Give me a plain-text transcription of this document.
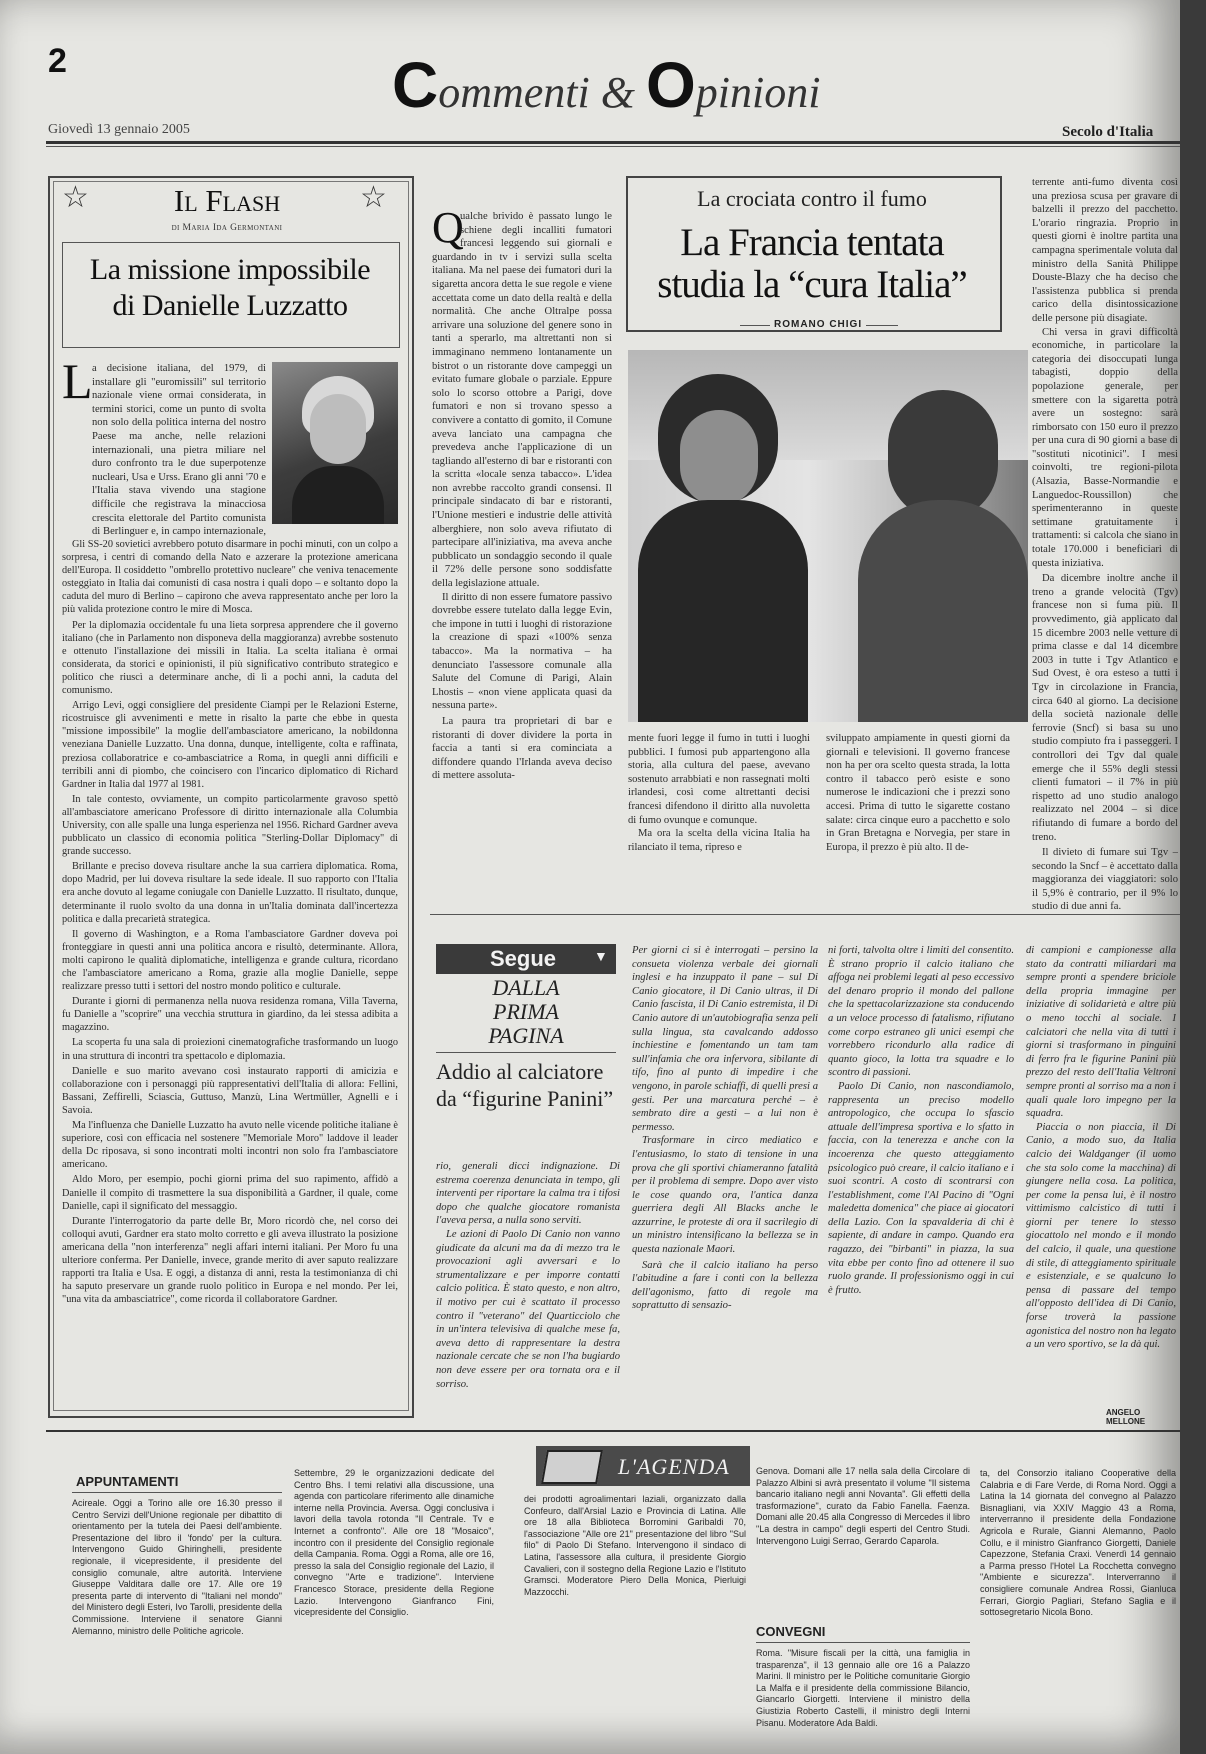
2	Commenti & Opinioni
Giovedì 13 gennaio 2005	Secolo d'Italia
☆	☆
Il Flash
di Maria Ida Germontani
La missione impossibile
di Danielle Luzzatto
L a decisione italiana, del 1979, di installare gli "euromissili" sul territorio nazionale viene ormai considerata, in termini storici, come un punto di svolta non solo della politica interna del nostro Paese ma anche, nelle relazioni internazionali, una pietra miliare nel duro confronto tra le due superpotenze nucleari, Usa e Urss. Erano gli anni '70 e l'Italia stava vivendo una stagione difficile che registrava la minacciosa crescita elettorale del Partito comunista di Berlinguer e, in campo internazionale,

Gli SS-20 sovietici avrebbero potuto disarmare in pochi minuti, con un colpo a sorpresa, i centri di comando della Nato e azzerare la protezione americana dell'Europa. Il cosiddetto "ombrello protettivo nucleare" che veniva tenacemente osteggiato in Italia dai comunisti di casa nostra i quali dopo – e soltanto dopo la caduta del muro di Berlino – capirono che aveva rappresentato anche per loro la più valida protezione contro le mire di Mosca.

Per la diplomazia occidentale fu una lieta sorpresa apprendere che il governo italiano (che in Parlamento non disponeva della maggioranza) avrebbe sostenuto e ottenuto l'installazione dei missili in Italia. La scelta italiana è ormai considerata, da storici e opinionisti, il più significativo contributo strategico e politico che riuscì a determinare anche, di lì a pochi anni, la caduta del comunismo.

Arrigo Levi, oggi consigliere del presidente Ciampi per le Relazioni Esterne, ricostruisce gli avvenimenti e mette in risalto la parte che ebbe in questa "missione impossibile" la moglie dell'ambasciatore americano, la nobildonna veneziana Danielle Luzzatto. Una donna, dunque, intelligente, colta e raffinata, preziosa collaboratrice e co-ambasciatrice a Roma, in quegli anni difficili e terribili anni di piombo, che coincisero con l'incarico diplomatico di Richard Gardner in Italia dal 1977 al 1981.

In tale contesto, ovviamente, un compito particolarmente gravoso spettò all'ambasciatore americano Professore di diritto internazionale alla Columbia University, con alle spalle una lunga esperienza nel 1956. Richard Gardner aveva pubblicato un classico di economia politica "Sterling-Dollar Diplomacy" di grande successo.

Brillante e preciso doveva risultare anche la sua carriera diplomatica. Roma, dopo Madrid, per lui doveva risultare la sede ideale. Il suo rapporto con l'Italia era anche dovuto al legame coniugale con Danielle Luzzatto. Il risultato, dunque, determinante il ruolo svolto da una donna in un'Italia dominata dall'incertezza politica e dalla precarietà strategica.

Il governo di Washington, e a Roma l'ambasciatore Gardner doveva poi fronteggiare in questi anni una politica ancora e risultò, determinante. Allora, molti capirono le qualità diplomatiche, intelligenza e grande cultura, ricordano che l'ambasciatore americano a Roma, grazie alla moglie Danielle, seppe realizzare presso tutti i settori del nostro mondo politico e culturale.

Durante i giorni di permanenza nella nuova residenza romana, Villa Taverna, fu Danielle a "scoprire" una vecchia struttura in giardino, da lei stessa adibita a magazzino.

La scoperta fu una sala di proiezioni cinematografiche trasformando un luogo in una struttura di incontri tra spettacolo e diplomazia.

Danielle e suo marito avevano così instaurato rapporti di amicizia e collaborazione con i personaggi più rappresentativi dell'Italia di allora: Fellini, Bassani, Zeffirelli, Sciascia, Guttuso, Manzù, Lina Wertmüller, Agnelli e i Savoia.

Ma l'influenza che Danielle Luzzatto ha avuto nelle vicende politiche italiane è superiore, così con efficacia nel sostenere "Memoriale Moro" laddove il leader della Dc riposava, si sono incontrati molti incontri non solo fra l'ambasciatore americano.

Aldo Moro, per esempio, pochi giorni prima del suo rapimento, affidò a Danielle il compito di trasmettere la sua disponibilità a Gardner, il quale, come Danielle, capì il significato del messaggio.

Durante l'interrogatorio da parte delle Br, Moro ricordò che, nel corso dei colloqui avuti, Gardner era stato molto corretto e gli aveva illustrato la posizione americana della "non interferenza" negli affari interni italiani. Per Moro fu una ulteriore conferma. Per Danielle, invece, grande merito di aver saputo realizzare rapporti tra Italia e Usa. E oggi, a distanza di anni, resta la testimonianza di chi ha saputo preservare un grande ruolo politico in Europa e nel mondo. Per lei, "una vita da ambasciatrice", come ricorda il collaboratore Gardner.

La crociata contro il fumo
La Francia tentata
studia la “cura Italia”
ROMANO CHIGI
Q
ualche brivido è passato lungo le schiene degli incalliti fumatori francesi leggendo sui giornali e guardando in tv i servizi sulla scelta italiana. Ma nel paese dei fumatori duri la sigaretta ancora detta le sue regole e viene accettata come un dato della realtà e della normalità. Che anche Oltralpe possa arrivare una soluzione del genere sono in tanti a sperarlo, ma altrettanti non si immaginano nemmeno lontanamente un bistrot o un ristorante dove campeggi un evitato fumare globale o parziale. Eppure solo lo scorso ottobre a Parigi, dove fumatori e non si trovano spesso a convivere a contatto di gomito, il Comune aveva lanciato una campagna che prevedeva anche l'applicazione di un tagliando all'esterno di bar e ristoranti con la scritta «locale senza tabacco». L'idea non avrebbe raccolto grandi consensi. Il principale sindacato di bar e ristoranti, l'Unione mestieri e industrie delle attività alberghiere, non solo aveva rifiutato di partecipare all'iniziativa, ma aveva anche pubblicato un sondaggio secondo il quale il 72% delle persone sono soddisfatte della legislazione attuale.

Il diritto di non essere fumatore passivo dovrebbe essere tutelato dalla legge Evin, che impone in tutti i luoghi di ristorazione la creazione di spazi «100% senza tabacco». Ma la normativa – ha denunciato l'assessore comunale alla Salute del Comune di Parigi, Alain Lhostis – «non viene applicata quasi da nessuna parte».

La paura tra proprietari di bar e ristoranti di dover dividere la porta in faccia a tanti si era cominciata a diffondere quando l'Irlanda aveva deciso di mettere assoluta-

mente fuori legge il fumo in tutti i luoghi pubblici. I fumosi pub appartengono alla storia, alla cultura del paese, avevano sostenuto arrabbiati e non rassegnati molti irlandesi, così come altrettanti decisi francesi difendono il diritto alla nuvoletta di fumo ovunque e comunque.

Ma ora la scelta della vicina Italia ha rilanciato il tema, ripreso e

sviluppato ampiamente in questi giorni da giornali e televisioni. Il governo francese non ha per ora scelto questa strada, la lotta contro il tabacco però esiste e sono numerose le indicazioni che i prezzi sono accesi. Prima di tutto le sigarette costano salate: circa cinque euro a pacchetto e solo in Gran Bretagna e Norvegia, per stare in Europa, il prezzo è più alto. Il de-
terrente anti-fumo diventa così una preziosa scusa per gravare di balzelli il prezzo del pacchetto. L'orario ringrazia. Proprio in questi giorni è inoltre partita una campagna sperimentale voluta dal ministro della Sanità Philippe Douste-Blazy che ha deciso che l'assistenza pubblica si prenda carico della disintossicazione delle persone più disagiate.

Chi versa in gravi difficoltà economiche, in particolare la categoria dei disoccupati lunga tabagisti, doppio della popolazione generale, per smettere con la sigaretta potrà avere un sostegno: sarà rimborsato con 150 euro il prezzo per una cura di 90 giorni a base di "sostituti nicotinici". I mesi coinvolti, tre regioni-pilota (Alsazia, Basse-Normandie e Languedoc-Roussillon) che sperimenteranno in queste settimane gratuitamente i trattamenti: si calcola che siano in totale 170.000 i beneficiari di questa iniziativa.

Da dicembre inoltre anche il treno a grande velocità (Tgv) francese non si fuma più. Il provvedimento, già applicato dal 15 dicembre 2003 nelle vetture di prima classe e dal 14 dicembre 2003 in tutte i Tgv Atlantico e Sud Ovest, è ora esteso a tutti i Tgv in circolazione in Francia, circa 640 al giorno. La decisione della società nazionale delle ferrovie (Sncf) si basa su uno studio compiuto fra i passeggeri. I controllori dei Tgv dal quale emerge che il 55% degli stessi clienti fumatori – il 7% in più rispetto ad uno studio analogo realizzato nel 2004 – si dice rifiutando di fumare a bordo del treno.

Il divieto di fumare sui Tgv – secondo la Sncf – è accettato dalla maggioranza dei viaggiatori: solo il 5,9% è contrario, per il 9% lo studio di due anni fa.

Segue	▼
DALLA
PRIMA
PAGINA
Addio al calciatore da “figurine Panini”
rio, generali dicci indignazione. Di estrema coerenza denunciata in tempo, gli interventi per riportare la calma tra i tifosi dopo che qualche giocatore romanista l'aveva persa, a nulla sono serviti.

Le azioni di Paolo Di Canio non vanno giudicate da alcuni ma da di mezzo tra le provocazioni agli avversari e lo strumentalizzare e per imporre contatti calcio politica. È stato questo, e non altro, il motivo per cui è scattato il processo contro il "veterano" del Quarticciolo che in un'intera televisiva di qualche mese fa, aveva detto di rappresentare la destra nazionale cercate che se non l'ha bugiardo non deve essere per ora tornata ora e il sorriso.

Per giorni ci si è interrogati – persino la consueta violenza verbale dei giornali inglesi e ha inzuppato il pane – sul Di Canio giocatore, il Di Canio ultras, il Di Canio fascista, il Di Canio estremista, il Di Canio autore di un'autobiografia senza peli sulla lingua, sta cavalcando addosso inchiestine e fomentando un tam tam sull'infamia che ora infervora, sibilante di tifo, fino al punto di impedire i che vengono, in parole schiaffi, di quelli presi a gesti. Per una marcatura perché – è sembrato dire a gesti – a lui non è permesso.

Trasformare in circo mediatico e l'entusiasmo, lo stato di tensione in una prova che gli sportivi chiameranno fatalità per il problema di sempre. Dopo aver visto le cose quando ora, l'antica danza guerriera degli All Blacks anche le azzurrine, le proteste di ora il sacrilegio di un ministro intensificano la bellezza se in questa nazionale Maori.

Sarà che il calcio italiano ha perso l'abitudine a fare i conti con la bellezza dell'agonismo, fatto di regole ma soprattutto di sensazio-

ni forti, talvolta oltre i limiti del consentito. È strano proprio il calcio italiano che affoga nei problemi legati al peso eccessivo del denaro proprio il mondo del pallone che la spettacolarizzazione sta conducendo a un veloce processo di fatalismo, rifiutano come corpo estraneo gli unici esempi che vorrebbero ricondurlo alla radice di quanto gioco, la lotta tra squadre e lo scontro di passioni.

Paolo Di Canio, non nascondiamolo, rappresenta un preciso modello antropologico, che occupa lo sfascio attuale dell'impresa sportiva e lo sfatto in faccia, con la tenerezza e anche con la incoerenza che questo atteggiamento psicologico può creare, il calcio italiano e i suoi scontri. A costo di scontrarsi con l'establishment, come l'Al Pacino di "Ogni maledetta domenica" che piace ai giocatori della Lazio. Con la spavalderia di chi è sapiente, di andare in campo. Quando era ragazzo, dei "birbanti" in piazza, la sua vita ebbe per conto fino ad ottenere il suo ruolo grande. Il professionismo oggi in cui è frutto.

di campioni e campionesse alla stato da contratti miliardari ma sempre pronti a spendere briciole della propria immagine per iniziative di solidarietà e altre più o meno tocchi al sociale. I calciatori che nella vita di tutti i giorni si trasformano in pinguini di ferro fra le figurine Panini più prezzo del resto dell'Italia Veltroni sempre pronti al sorriso ma a non i quali quale loro impegno per la squadra.

Piaccia o non piaccia, il Di Canio, a modo suo, da Italia calcio dei Waldganger (il uomo che sta solo come la macchina) di giungere nella cosa. La politica, per come la pensa lui, è il nostro vittimismo calcistico di tutti i giorni per tenere lo stesso giocattolo nel mondo e il mondo del calcio, il quale, una questione di stile, di atteggiamento spirituale e esistenziale, e se qualcuno lo pensa di passare del tempo all'opposto dell'idea di Di Canio, forse troverà la passione agonistica del nostro non ha legato a un vero sportivo, se la dà qui.

ANGELO MELLONE
L'AGENDA
APPUNTAMENTI
Acireale. Oggi a Torino alle ore 16.30 presso il Centro Servizi dell'Unione regionale per dibattito di orientamento per la tutela dei Paesi dell'ambiente. Presentazione del libro il 'fondo' per la cultura. Intervengono Guido Ghiringhelli, presidente regionale, il vicepresidente, il presidente del consiglio comunale, altre autorità. Interviene Giuseppe Valditara dalle ore 17. Alle ore 19 presenta parte di intervento di "Italiani nel mondo" del Ministero degli Esteri, Ivo Tarolli, presidente della Commissione. Interviene il senatore Gianni Alemanno, ministro delle Politiche agricole.
Settembre, 29 le organizzazioni dedicate del Centro Bhs. I temi relativi alla discussione, una agenda con particolare riferimento alle dinamiche interne nella Provincia. Aversa. Oggi conclusiva i lavori della tavola rotonda "Il Centrale. Tv e Internet a confronto". Alle ore 18 "Mosaico", incontro con il presidente del Consiglio regionale della Campania. Roma. Oggi a Roma, alle ore 16, presso la sala del Consiglio regionale del Lazio, il convegno "Arte e tradizione". Interviene Francesco Storace, presidente della Regione Lazio. Intervengono Gianfranco Fini, vicepresidente del Consiglio.
dei prodotti agroalimentari laziali, organizzato dalla Confeuro, dall'Arsial Lazio e Provincia di Latina. Alle ore 18 alla Biblioteca Borromini Garibaldi 70, l'associazione "Alle ore 21" presentazione del libro "Sul filo" di Paolo Di Stefano. Intervengono il sindaco di Latina, l'assessore alla cultura, il presidente Giorgio Cavalieri, con il sostegno della Regione Lazio e l'Istituto Gramsci. Moderatore Piero Della Monica, Pierluigi Mazzocchi.
Genova. Domani alle 17 nella sala della Circolare di Palazzo Albini si avrà presentato il volume "Il sistema bancario italiano negli anni Novanta". Gli effetti della trasformazione", curato da Fabio Fanella. Faenza. Domani alle 20.45 alla Congresso di Mercedes il libro "La destra in campo" degli esperti del Centro Studi. Intervengono Luigi Serrao, Gerardo Caparola.
CONVEGNI
Roma. "Misure fiscali per la città, una famiglia in trasparenza", il 13 gennaio alle ore 16 a Palazzo Marini. Il ministro per le Politiche comunitarie Giorgio La Malfa e il presidente della commissione Bilancio, Giancarlo Giorgetti. Interviene il ministro della Giustizia Roberto Castelli, il ministro degli Interni Pisanu. Moderatore Ada Baldi.
ta, del Consorzio italiano Cooperative della Calabria e di Fare Verde, di Roma Nord. Oggi a Latina la 14 giornata del convegno al Palazzo Bisnagliani, via XXIV Maggio 43 a Roma, interverranno il presidente della Fondazione Agricola e Rurale, Gianni Alemanno, Paolo Collu, e il ministro Gianfranco Giorgetti, Daniele Capezzone, Stefania Craxi. Venerdì 14 gennaio a Parma presso l'Hotel La Rocchetta convegno "Ambiente e sicurezza". Interverranno il consigliere comunale Andrea Rossi, Gianluca Ferrari, Giorgio Pagliari, Stefano Saglia e il sottosegretario Nicola Bono.
